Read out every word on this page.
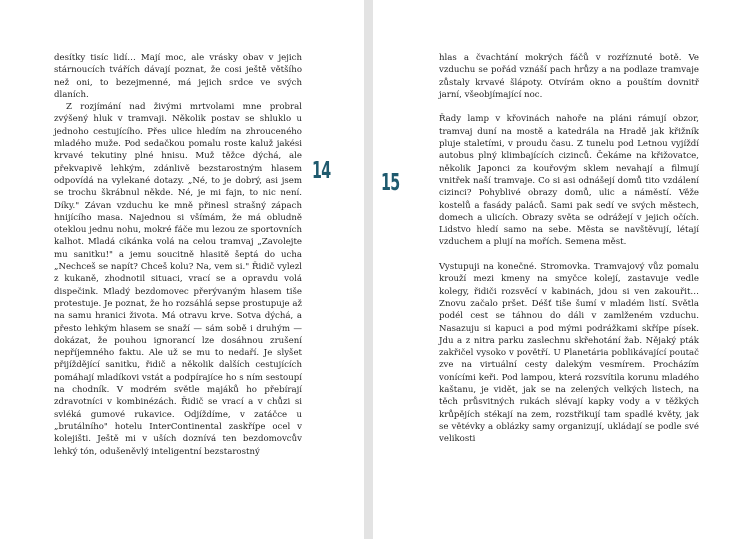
desítky tisíc lidí… Mají moc, ale vrásky obav v jejich stárnoucích tvářích dávají poznat, že cosi ještě většího než oni, to bezejmenné, má jejich srdce ve svých dlaních.

Z rozjímání nad živými mrtvolami mne probral zvýšený hluk v tramvaji. Několik postav se shluklo u jednoho cestujícího. Přes ulice hledím na zhroucenéhо mladého muže. Pod sedačkou pomalu roste kaluž jakési krvavé tekutiny plné hnisu. Muž těžce dýchá, ale překvapivě lehkým, zdánlivě bezstarostným hlasem odpovídá na vylekané dotazy. „Né, to je dobrý, asi jsem se trochu škrábnul někde. Né, je mi fajn, to nic není. Díky." Závan vzduchu ke mně přinesl strašný zápach hnijícího masa. Najednou si všímám, že má obludně oteklou jednu nohu, mokré fáče mu lezou ze sportovních kalhot. Mladá cikánka volá na celou tramvaj „Zavolejte mu sanitku!" a jemu soucitně hlasitě šeptá do ucha „Nechceš se napít? Chceš kolu? Na, vem si." Řidič vylezl z kukaně, zhodnotil situaci, vrací se a opravdu volá dispečink. Mladý bezdomovec přerývaným hlasem tiše protestuje. Je poznat, že ho rozsáhlá sepse prostupuje až na samu hranici života. Má otravu krve. Sotva dýchá, a přesto lehkým hlasem se snaží — sám sobě i druhým — dokázat, že pouhou ignorancí lze dosáhnou zrušení nepříjemného faktu. Ale už se mu to nedaří. Je slyšet přijíždějící sanitku, řidič a několik dalších cestujících pomáhají mladíkovi vstát a podpírajíce ho s ním sestoupí na chodník. V modrém světle majáků ho přebírají zdravotníci v kombinézách. Řidič se vrací a v chůzi si svléká gumové rukavice. Odjíždíme, v zatáčce u „brutálního" hotelu InterContinental zaskřípe ocel v kolejišti. Ještě mi v uších doznívá ten bezdomovcův lehký tón, odušeněvlý inteligentní bezstarostný

14 15

hlas a čvachtání mokrých fáčů v rozříznuté botě. Ve vzduchu se pořád vznáší pach hrůzy a na podlaze tramvaje zůstaly krvavé šlápoty. Otvírám okno a pouštím dovnitř jarní, všeobjímající noc.

Řady lamp v křovinách nahoře na pláni rámují obzor, tramvaj duní na mostě a katedrála na Hradě jak křižník pluje staletími, v proudu času. Z tunelu pod Letnou vyjíždí autobus plný klimbajících cizinců. Čekáme na křižovatce, několik Japonci za kouřovým sklem nevahají a filmují vnitřek naší tramvaje. Co si asi odnášejí domů tito vzdálení cizinci? Pohyblivé obrazy domů, ulic a náměstí. Věže kostelů a fasády paláců. Sami pak sedí ve svých městech, domech a ulicích. Obrazy světa se odrážejí v jejich očích. Lidstvo hledí samo na sebe. Města se navštěvují, létají vzduchem a plují na mořích. Semena měst.

Vystupuji na konečné. Stromovka. Tramvajový vůz pomalu krouží mezi kmeny na smyčce kolejí, zastavuje vedle kolegy, řidiči rozsvěcí v kabinách, jdou si ven zakouřit… Znovu začalo pršet. Déšť tiše šumí v mladém listí. Světla podél cest se táhnou do dáli v zamlženém vzduchu. Nasazuju si kapuci a pod mými podrážkami skřípe písek. Jdu a z nitra parku zaslechnu skřehotání žab. Nějaký pták zakřičel vysoko v povětří. U Planetária poblikávající poutač zve na virtuální cesty dalekým vesmírem. Procházím vonícími keři. Pod lampou, která rozsvítila korunu mladého kaštanu, je vidět, jak se na zelených velkých listech, na těch průsvitných rukách slévají kapky vody a v těžkých krůpějích stékají na zem, rozstřikují tam spadlé květy, jak se větévky a oblázky samy organizují, ukládají se podle své velikosti
